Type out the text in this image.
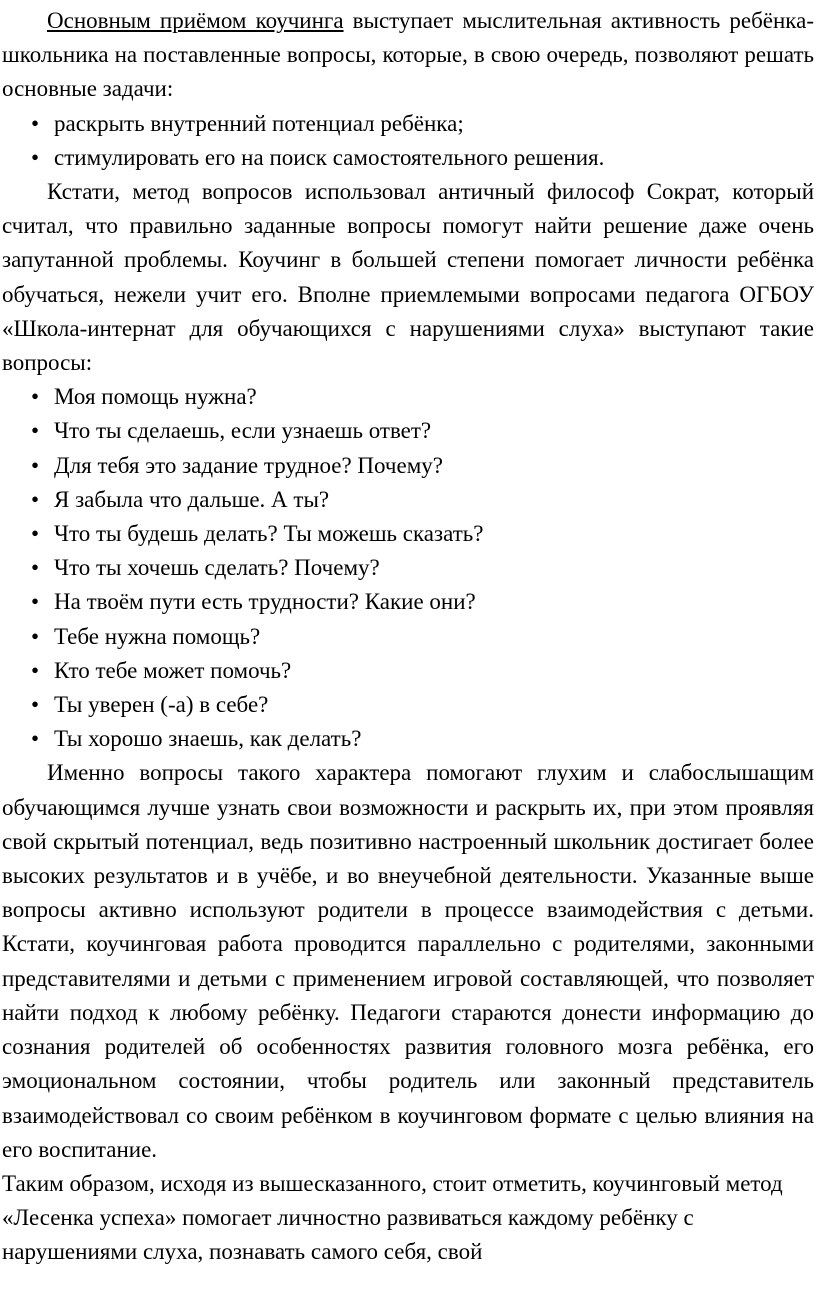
Основным приёмом коучинга выступает мыслительная активность ребёнка-школьника на поставленные вопросы, которые, в свою очередь, позволяют решать основные задачи:

• раскрыть внутренний потенциал ребёнка;
• стимулировать его на поиск самостоятельного решения.

Кстати, метод вопросов использовал античный философ Сократ, который считал, что правильно заданные вопросы помогут найти решение даже очень запутанной проблемы. Коучинг в большей степени помогает личности ребёнка обучаться, нежели учит его. Вполне приемлемыми вопросами педагога ОГБОУ «Школа-интернат для обучающихся с нарушениями слуха» выступают такие вопросы:

• Моя помощь нужна?
• Что ты сделаешь, если узнаешь ответ?
• Для тебя это задание трудное? Почему?
• Я забыла что дальше. А ты?
• Что ты будешь делать? Ты можешь сказать?
• Что ты хочешь сделать? Почему?
• На твоём пути есть трудности? Какие они?
• Тебе нужна помощь?
• Кто тебе может помочь?
• Ты уверен (-а) в себе?
• Ты хорошо знаешь, как делать?

Именно вопросы такого характера помогают глухим и слабослышащим обучающимся лучше узнать свои возможности и раскрыть их, при этом проявляя свой скрытый потенциал, ведь позитивно настроенный школьник достигает более высоких результатов и в учёбе, и во внеучебной деятельности. Указанные выше вопросы активно используют родители в процессе взаимодействия с детьми. Кстати, коучинговая работа проводится параллельно с родителями, законными представителями и детьми с применением игровой составляющей, что позволяет найти подход к любому ребёнку. Педагоги стараются донести информацию до сознания родителей об особенностях развития головного мозга ребёнка, его эмоциональном состоянии, чтобы родитель или законный представитель взаимодействовал со своим ребёнком в коучинговом формате с целью влияния на его воспитание.

Таким образом, исходя из вышесказанного, стоит отметить, коучинговый метод «Лесенка успеха» помогает личностно развиваться каждому ребёнку с нарушениями слуха, познавать самого себя, свой
